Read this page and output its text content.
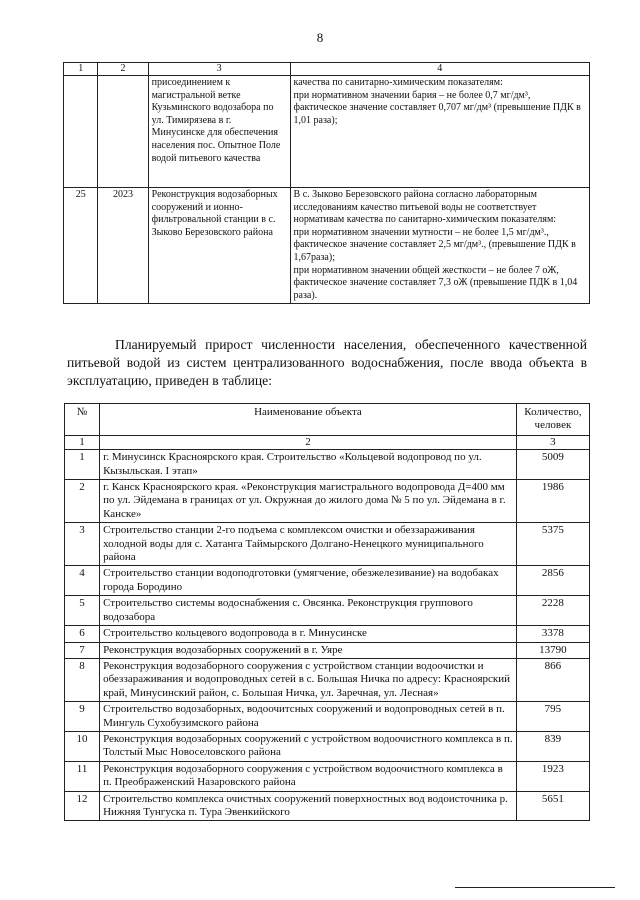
8
1	2	3	4
		присоединением к магистральной ветке Кузьминского водозабора по ул. Тимирязева в г. Минусинске для обеспечения населения пос. Опытное Поле водой питьевого качества	качества по санитарно-химическим показателям:
при нормативном значении бария – не более 0,7 мг/дм³,
фактическое значение составляет 0,707 мг/дм³ (превышение ПДК в 1,01 раза);

25	2023	Реконструкция водозаборных сооружений и ионно-фильтровальной станции в с. Зыково Березовского района	В с. Зыково Березовского района согласно лабораторным исследованиям качество питьевой воды не соответствует нормативам качества по санитарно-химическим показателям:
при нормативном значении мутности – не более 1,5 мг/дм³., фактическое значение составляет 2,5 мг/дм³., (превышение ПДК в 1,67раза);
при нормативном значении общей жесткости – не более 7 оЖ, фактическое значение составляет 7,3 оЖ (превышение ПДК в 1,04 раза).
Планируемый прирост численности населения, обеспеченного качественной питьевой водой из систем централизованного водоснабжения, после ввода объекта в эксплуатацию, приведен в таблице:
№	Наименование объекта	Количество, человек
1	2	3
1	г. Минусинск Красноярского края. Строительство «Кольцевой водопровод по ул. Кызыльская. I этап»	5009
2	г. Канск Красноярского края. «Реконструкция магистрального водопровода Д=400 мм по ул. Эйдемана в границах от ул. Окружная до жилого дома № 5 по ул. Эйдемана в г. Канске»	1986
3	Строительство станции 2-го подъема с комплексом очистки и обеззараживания холодной воды для с. Хатанга Таймырского Долгано-Ненецкого муниципального района	5375
4	Строительство станции водоподготовки (умягчение, обезжелезивание) на водобаках города Бородино	2856
5	Строительство системы водоснабжения с. Овсянка. Реконструкция группового водозабора	2228
6	Строительство кольцевого водопровода в г. Минусинске	3378
7	Реконструкция водозаборных сооружений в г. Уяре	13790
8	Реконструкция водозаборного сооружения с устройством станции водоочистки и обеззараживания и водопроводных сетей в с. Большая Ничка по адресу: Красноярский край, Минусинский район, с. Большая Ничка, ул. Заречная, ул. Лесная»	866
9	Строительство водозаборных, водоочитсных сооружений и водопроводных сетей в п. Мингуль Сухобузимского района	795
10	Реконструкция водозаборных сооружений с устройством водоочистного комплекса в п. Толстый Мыс Новоселовского района	839
11	Реконструкция водозаборного сооружения с устройством водоочистного комплекса в п. Преображенский Назаровского района	1923
12	Строительство комплекса очистных сооружений поверхностных вод водоисточника р. Нижняя Тунгуска п. Тура Эвенкийского	5651
